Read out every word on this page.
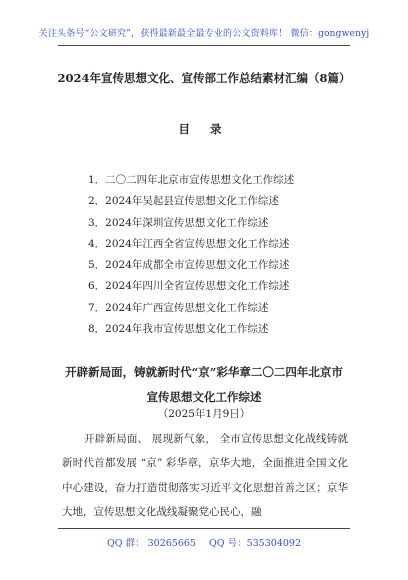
关注头条号“公文研究”，获得最新最全最专业的公文资料库！ 微信：gongwenyj
2024年宣传思想文化、宣传部工作总结素材汇编（8篇）
目 录
1．二〇二四年北京市宣传思想文化工作综述
2．2024年吴起县宣传思想文化工作综述
3．2024年深圳宣传思想文化工作综述
4．2024年江西全省宣传思想文化工作综述
5．2024年成都全市宣传思想文化工作综述
6．2024年四川全省宣传思想文化工作综述
7．2024年广西宣传思想文化工作综述
8．2024年我市宣传思想文化工作综述
开辟新局面，铸就新时代“京”彩华章二〇二四年北京市
宣传思想文化工作综述
（2025年1月9日）

开辟新局面、 展现新气象， 全市宣传思想文化战线铸就新时代首都发展 “京” 彩华章，京华大地，全面推进全国文化中心建设，奋力打造贯彻落实习近平文化思想首善之区；京华大地，宣传思想文化战线凝聚党心民心，融

QQ 群： 30265665 QQ 号：535304092
